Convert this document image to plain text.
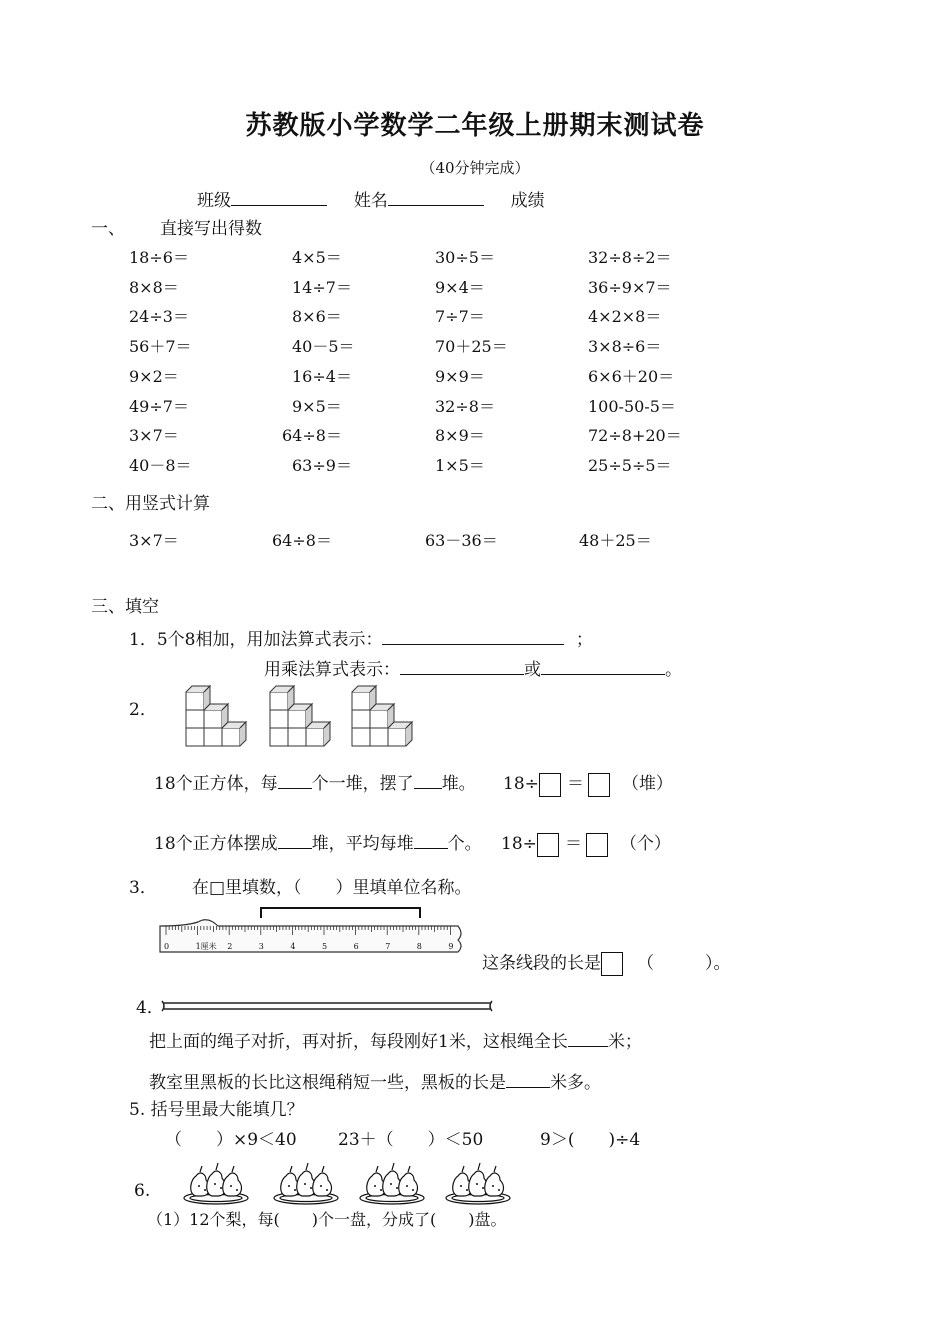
苏教版小学数学二年级上册期末测试卷
（40分钟完成）
班级	姓名	成绩
一、 直接写出得数
18÷6＝	4×5＝	30÷5＝	32÷8÷2＝
8×8＝	14÷7＝	9×4＝	36÷9×7＝
24÷3＝	8×6＝	7÷7＝	4×2×8＝
56＋7＝	40－5＝	70＋25＝	3×8÷6＝
9×2＝	16÷4＝	9×9＝	6×6＋20＝
49÷7＝	9×5＝	32÷8＝	100-50-5＝
3×7＝	64÷8＝	8×9＝	72÷8+20＝
40－8＝	63÷9＝	1×5＝	25÷5÷5＝
二、用竖式计算
3×7＝	64÷8＝	63－36＝	48＋25＝
三、填空
1．5个8相加，用加法算式表示：	；
用乘法算式表示：	或	。
2．
18个正方体，每 个一堆，摆了 堆。 18÷ ＝ （堆）
18个正方体摆成 堆，平均每堆 个。 18÷ ＝ （个）
3． 在□里填数，（　　）里填单位名称。
0	1厘米 2	3	4	5	6	7	8	9
这条线段的长是 （　　　）。
4．
把上面的绳子对折，再对折，每段刚好1米，这根绳全长 米；
教室里黑板的长比这根绳稍短一些，黑板的长是	米多。
5. 括号里最大能填几？
（　　）×9＜40 23＋（　　）＜50	9＞(　　)÷4
6.
（1）12个梨，每(　　)个一盘，分成了(　　)盘。
